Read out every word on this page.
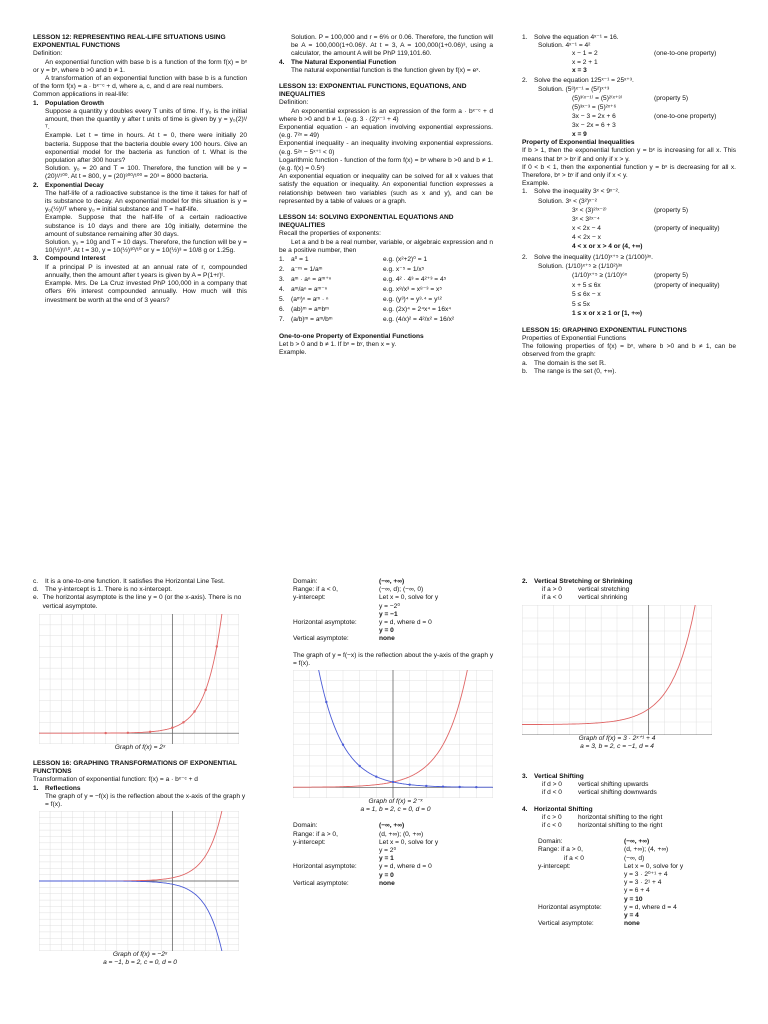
LESSON 12: REPRESENTING REAL-LIFE SITUATIONS USING EXPONENTIAL FUNCTIONS

Definition:
An exponential function with base b is a function of the form f(x) = bˣ or y = bˣ, where b >0 and b ≠ 1.
A transformation of an exponential function with base b is a function of the form f(x) = a · bˣ⁻ᶜ + d, where a, c, and d are real numbers.
Common applications in real-life:
1. Population Growth
Suppose a quantity y doubles every T units of time. If y₀ is the initial amount, then the quantity y after t units of time is given by y = y₀(2)ᵗ/ᵀ.
Example. Let t = time in hours. At t = 0, there were initially 20 bacteria. Suppose that the bacteria double every 100 hours. Give an exponential model for the bacteria as function of t. What is the population after 300 hours?
Solution. y₀ = 20 and T = 100. Therefore, the function will be y = (20)ᵗ/¹⁰⁰. At t = 800, y = (20)³⁰⁰/¹⁰⁰ = 20³ = 8000 bacteria.
2. Exponential Decay
The half-life of a radioactive substance is the time it takes for half of its substance to decay. An exponential model for this situation is y = y₀(½)ᵗ/ᵀ where y₀ = initial substance and T = half-life.
Example. Suppose that the half-life of a certain radioactive substance is 10 days and there are 10g initially, determine the amount of substance remaining after 30 days.
Solution. y₀ = 10g and T = 10 days. Therefore, the function will be y = 10(½)ᵗ/¹⁰. At t = 30, y = 10(½)³⁰/¹⁰ or y = 10(½)³ = 10/8 g or 1.25g.
3. Compound Interest
If a principal P is invested at an annual rate of r, compounded annually, then the amount after t years is given by A = P(1+r)ᵗ.
Example. Mrs. De La Cruz invested PhP 100,000 in a company that offers 6% interest compounded annually. How much will this investment be worth at the end of 3 years?
Solution. P = 100,000 and r = 6% or 0.06. Therefore, the function will be A = 100,000(1+0.06)ᵗ. At t = 3, A = 100,000(1+0.06)³, using a calculator, the amount A will be PhP 119,101.60.
4. The Natural Exponential Function
The natural exponential function is the function given by f(x) = eˣ.

LESSON 13: EXPONENTIAL FUNCTIONS, EQUATIONS, AND INEQUALITIES

Definition:
An exponential expression is an expression of the form a · bˣ⁻ᶜ + d where b >0 and b ≠ 1. (e.g. 3 · (2)ˣ⁻¹ + 4)
Exponential equation - an equation involving exponential expressions. (e.g. 7²ˣ = 49)
Exponential inequality - an inequality involving exponential expressions. (e.g. 5²ˣ − 5ˣ⁺¹ < 0)
Logarithmic function - function of the form f(x) = bˣ where b >0 and b ≠ 1. (e.g. f(x) = 0.5ˣ)
An exponential equation or inequality can be solved for all x values that satisfy the equation or inequality. An exponential function expresses a relationship between two variables (such as x and y), and can be represented by a table of values or a graph.

LESSON 14: SOLVING EXPONENTIAL EQUATIONS AND INEQUALITIES

Recall the properties of exponents:
Let a and b be a real number, variable, or algebraic expression and n be a positive number, then
1. a⁰ = 1	e.g. (x²+2)⁰ = 1
2. a⁻ᵐ = 1/aᵐ	e.g. x⁻⁵ = 1/x⁵
3. aᵐ · aⁿ = aᵐ⁺ⁿ	e.g. 4² · 4³ = 4²⁺³ = 4⁵
4. aᵐ/aⁿ = aᵐ⁻ⁿ	e.g. x⁸/x³ = x⁸⁻³ = x⁵
5. (aᵐ)ⁿ = aᵐ · ⁿ	e.g. (y³)⁴ = y³·⁴ = y¹²
6. (ab)ᵐ = aᵐbᵐ	e.g. (2x)⁴ = 2⁴x⁴ = 16x⁴
7. (a/b)ᵐ = aᵐ/bᵐ	e.g. (4/x)² = 4²/x² = 16/x²
One-to-one Property of Exponential Functions
Let b > 0 and b ≠ 1. If bˣ = bʸ, then x = y.
Example.
1. Solve the equation 4ˣ⁻¹ = 16.
Solution. 4ˣ⁻¹ = 4²
x − 1 = 2	(one-to-one property)
x = 2 + 1
x = 3
2. Solve the equation 125ˣ⁻¹ = 25ˣ⁺³.
Solution. (5³)ˣ⁻¹ = (5²)ˣ⁺³
(5)³⁽ˣ⁻¹⁾ = (5)²⁽ˣ⁺³⁾	(property 5)
(5)³ˣ⁻³ = (5)²ˣ⁺⁶
3x − 3 = 2x + 6	(one-to-one property)
3x − 2x = 6 + 3
x = 9
Property of Exponential Inequalities
If b > 1, then the exponential function y = bˣ is increasing for all x. This means that bˣ > bʸ if and only if x > y.
If 0 < b < 1, then the exponential function y = bˣ is decreasing for all x. Therefore, bˣ > bʸ if and only if x < y.
Example.
1. Solve the inequality 3ˣ < 9ˣ⁻².
Solution. 3ˣ < (3²)ˣ⁻²
3ˣ < (3)²⁽ˣ⁻²⁾	(property 5)
3ˣ < 3²ˣ⁻⁴
x < 2x − 4	(property of inequality)
4 < 2x − x
4 < x or x > 4 or (4, +∞)
2. Solve the inequality (1/10)ˣ⁺⁵ ≥ (1/100)³ˣ.
Solution. (1/10)ˣ⁺⁵ ≥ (1/10²)³ˣ
(1/10)ˣ⁺⁵ ≥ (1/10)⁶ˣ	(property 5)
x + 5 ≤ 6x	(property of inequality)
5 ≤ 6x − x
5 ≤ 5x
1 ≤ x or x ≥ 1 or [1, +∞)

LESSON 15: GRAPHING EXPONENTIAL FUNCTIONS

Properties of Exponential Functions
The following properties of f(x) = bˣ, where b >0 and b ≠ 1, can be observed from the graph:
a. The domain is the set ℝ.
b. The range is the set (0, +∞).
c.	It is a one-to-one function. It satisfies the Horizontal Line Test.
d. The y-intercept is 1. There is no x-intercept.
e. The horizontal asymptote is the line y = 0 (or the x-axis). There is no vertical asymptote.
Graph of f(x) = 2ˣ

LESSON 16: GRAPHING TRANSFORMATIONS OF EXPONENTIAL FUNCTIONS

Transformation of exponential function: f(x) = a · bˣ⁻ᶜ + d
1. Reflections
The graph of y = −f(x) is the reflection about the x-axis of the graph y = f(x).
Graph of f(x) = −2ˣ
a = −1, b = 2, c = 0, d = 0
Domain:	(−∞, +∞)
Range: if a < 0,	(−∞, d); (−∞, 0)
y-intercept:	Let x = 0, solve for y
y = −2⁰
y = −1
Horizontal asymptote:	y = d, where d = 0
y = 0
Vertical asymptote:	none
The graph of y = f(−x) is the reflection about the y-axis of the graph y = f(x).
Graph of f(x) = 2⁻ˣ
a = 1, b = 2, c = 0, d = 0
Domain:	(−∞, +∞)
Range: if a > 0,	(d, +∞); (0, +∞)
y-intercept:	Let x = 0, solve for y
y = 2⁰
y = 1
Horizontal asymptote:	y = d, where d = 0
y = 0
Vertical asymptote:	none
2. Vertical Stretching or Shrinking
if a > 0	vertical stretching
if a < 0	vertical shrinking
Graph of f(x) = 3 · 2ˣ⁺¹ + 4
a = 3, b = 2, c = −1, d = 4
3. Vertical Shifting
if d > 0	vertical shifting upwards
if d < 0	vertical shifting downwards
4. Horizontal Shifting
if c > 0	horizontal shifting to the right
if c < 0	horizontal shifting to the right
Domain:	(−∞, +∞)
Range: if a > 0,	(d, +∞); (4, +∞)
if a < 0	(−∞, d)
y-intercept:	Let x = 0, solve for y
y = 3 · 2⁰⁺¹ + 4
y = 3 · 2¹ + 4
y = 6 + 4
y = 10
Horizontal asymptote:	y = d, where d = 4
y = 4
Vertical asymptote:	none
